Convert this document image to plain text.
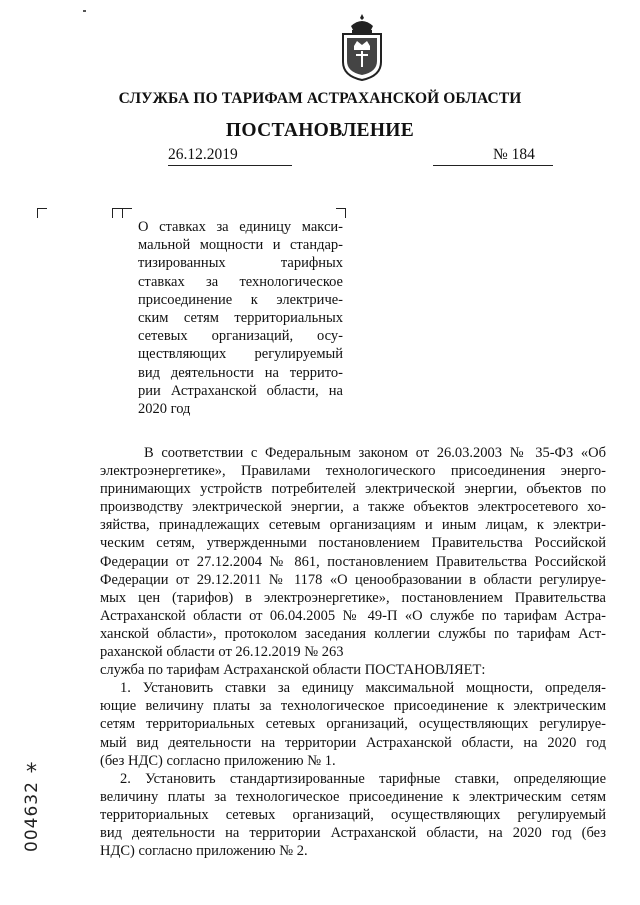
СЛУЖБА ПО ТАРИФАМ АСТРАХАНСКОЙ ОБЛАСТИ
ПОСТАНОВЛЕНИЕ
26.12.2019	№ 184
О ставках за единицу макси-
мальной мощности и стандар-
тизированных тарифных
ставках за технологическое
присоединение к электриче-
ским сетям территориальных
сетевых организаций, осу-
ществляющих регулируемый
вид деятельности на террито-
рии Астраханской области, на
2020 год
В соответствии с Федеральным законом от 26.03.2003 № 35-ФЗ «Об
электроэнергетике», Правилами технологического присоединения энерго-
принимающих устройств потребителей электрической энергии, объектов по
производству электрической энергии, а также объектов электросетевого хо-
зяйства, принадлежащих сетевым организациям и иным лицам, к электри-
ческим сетям, утвержденными постановлением Правительства Российской
Федерации от 27.12.2004 № 861, постановлением Правительства Российской
Федерации от 29.12.2011 № 1178 «О ценообразовании в области регулируе-
мых цен (тарифов) в электроэнергетике», постановлением Правительства
Астраханской области от 06.04.2005 № 49-П «О службе по тарифам Астра-
ханской области», протоколом заседания коллегии службы по тарифам Аст-
раханской области от 26.12.2019 № 263
служба по тарифам Астраханской области ПОСТАНОВЛЯЕТ:
1. Установить ставки за единицу максимальной мощности, определя-
ющие величину платы за технологическое присоединение к электрическим
сетям территориальных сетевых организаций, осуществляющих регулируе-
мый вид деятельности на территории Астраханской области, на 2020 год
(без НДС) согласно приложению № 1.
2. Установить стандартизированные тарифные ставки, определяющие
величину платы за технологическое присоединение к электрическим сетям
территориальных сетевых организаций, осуществляющих регулируемый
вид деятельности на территории Астраханской области, на 2020 год (без
НДС) согласно приложению № 2.
*
004632
